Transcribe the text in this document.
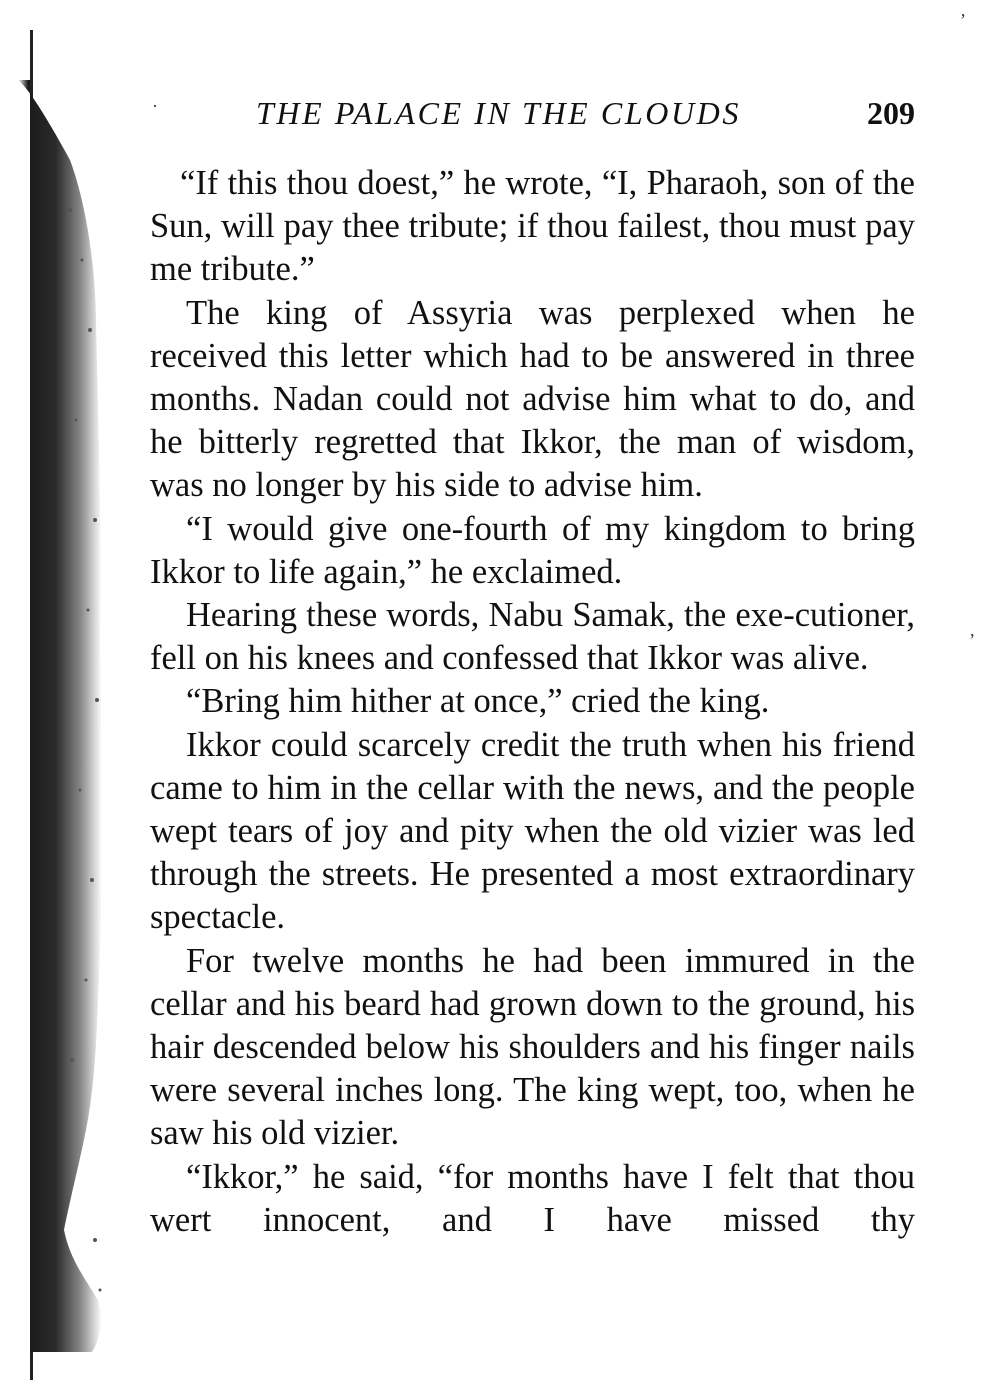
·
‚
,
THE PALACE IN THE CLOUDS	209

“If this thou doest,” he wrote, “I, Pharaoh, son of the Sun, will pay thee tribute; if thou failest, thou must pay me tribute.”

The king of Assyria was perplexed when he received this letter which had to be answered in three months. Nadan could not advise him what to do, and he bitterly regretted that Ikkor, the man of wisdom, was no longer by his side to advise him.

“I would give one-fourth of my kingdom to bring Ikkor to life again,” he exclaimed.

Hearing these words, Nabu Samak, the exe-cutioner, fell on his knees and confessed that Ikkor was alive.

“Bring him hither at once,” cried the king.

Ikkor could scarcely credit the truth when his friend came to him in the cellar with the news, and the people wept tears of joy and pity when the old vizier was led through the streets. He presented a most extraordinary spectacle.

For twelve months he had been immured in the cellar and his beard had grown down to the ground, his hair descended below his shoulders and his finger nails were several inches long. The king wept, too, when he saw his old vizier.

“Ikkor,” he said, “for months have I felt that thou wert innocent, and I have missed thy
